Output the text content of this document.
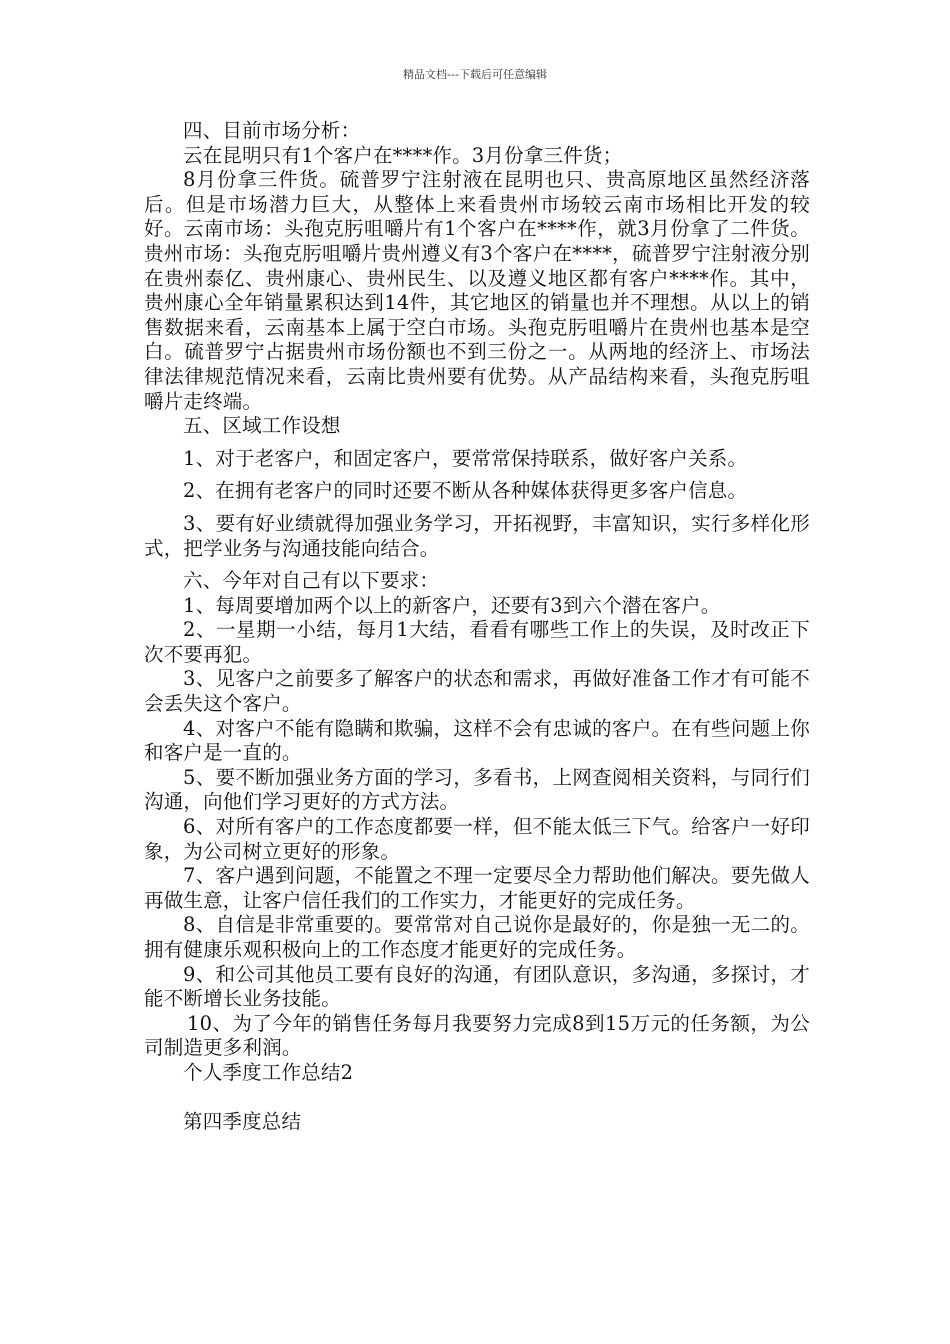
精品文档---下载后可任意编辑

四、目前市场分析：

云在昆明只有1个客户在****作。3月份拿三件货；

8月份拿三件货。硫普罗宁注射液在昆明也只、贵高原地区虽然经济落后。但是市场潜力巨大，从整体上来看贵州市场较云南市场相比开发的较好。云南市场：头孢克肟咀嚼片有1个客户在****作，就3月份拿了二件货。贵州市场：头孢克肟咀嚼片贵州遵义有3个客户在****，硫普罗宁注射液分别在贵州泰亿、贵州康心、贵州民生、以及遵义地区都有客户****作。其中，贵州康心全年销量累积达到14件，其它地区的销量也并不理想。从以上的销售数据来看，云南基本上属于空白市场。头孢克肟咀嚼片在贵州也基本是空白。硫普罗宁占据贵州市场份额也不到三份之一。从两地的经济上、市场法律法律规范情况来看，云南比贵州要有优势。从产品结构来看，头孢克肟咀嚼片走终端。

五、区域工作设想

1、对于老客户，和固定客户，要常常保持联系，做好客户关系。

2、在拥有老客户的同时还要不断从各种媒体获得更多客户信息。

3、要有好业绩就得加强业务学习，开拓视野，丰富知识，实行多样化形式，把学业务与沟通技能向结合。

六、今年对自己有以下要求：

1、每周要增加两个以上的新客户，还要有3到六个潜在客户。

2、一星期一小结，每月1大结，看看有哪些工作上的失误，及时改正下次不要再犯。

3、见客户之前要多了解客户的状态和需求，再做好准备工作才有可能不会丢失这个客户。

4、对客户不能有隐瞒和欺骗，这样不会有忠诚的客户。在有些问题上你和客户是一直的。

5、要不断加强业务方面的学习，多看书，上网查阅相关资料，与同行们沟通，向他们学习更好的方式方法。

6、对所有客户的工作态度都要一样，但不能太低三下气。给客户一好印象，为公司树立更好的形象。

7、客户遇到问题，不能置之不理一定要尽全力帮助他们解决。要先做人再做生意，让客户信任我们的工作实力，才能更好的完成任务。

8、自信是非常重要的。要常常对自己说你是最好的，你是独一无二的。拥有健康乐观积极向上的工作态度才能更好的完成任务。

9、和公司其他员工要有良好的沟通，有团队意识，多沟通，多探讨，才能不断增长业务技能。

10、为了今年的销售任务每月我要努力完成8到15万元的任务额，为公司制造更多利润。

个人季度工作总结2

第四季度总结
